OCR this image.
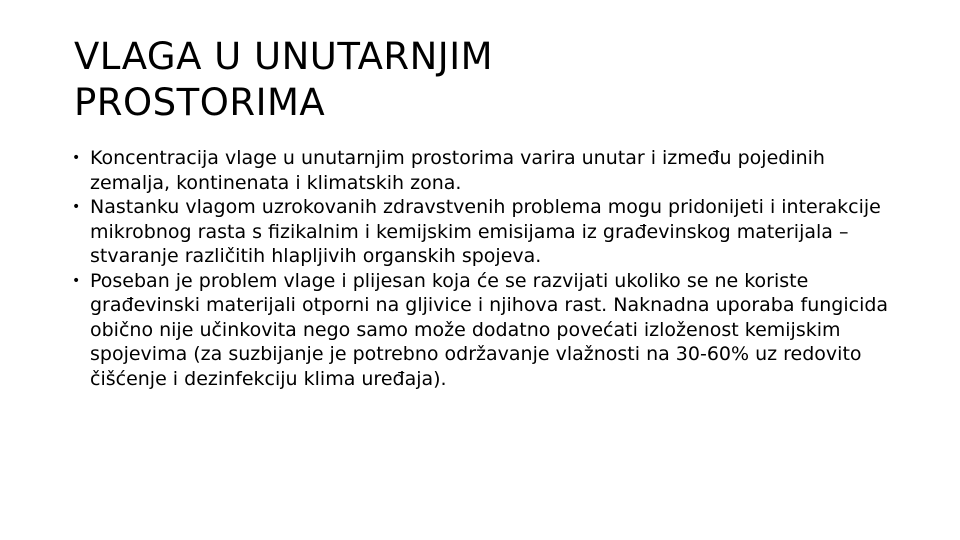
VLAGA U UNUTARNJIM
PROSTORIMA
• Koncentracija vlage u unutarnjim prostorima varira unutar i između pojedinih zemalja, kontinenata i klimatskih zona.
• Nastanku vlagom uzrokovanih zdravstvenih problema mogu pridonijeti i interakcije mikrobnog rasta s fizikalnim i kemijskim emisijama iz građevinskog materijala – stvaranje različitih hlapljivih organskih spojeva.
• Poseban je problem vlage i plijesan koja će se razvijati ukoliko se ne koriste građevinski materijali otporni na gljivice i njihova rast. Naknadna uporaba fungicida obično nije učinkovita nego samo može dodatno povećati izloženost kemijskim spojevima (za suzbijanje je potrebno održavanje vlažnosti na 30-60% uz redovito čišćenje i dezinfekciju klima uređaja).
